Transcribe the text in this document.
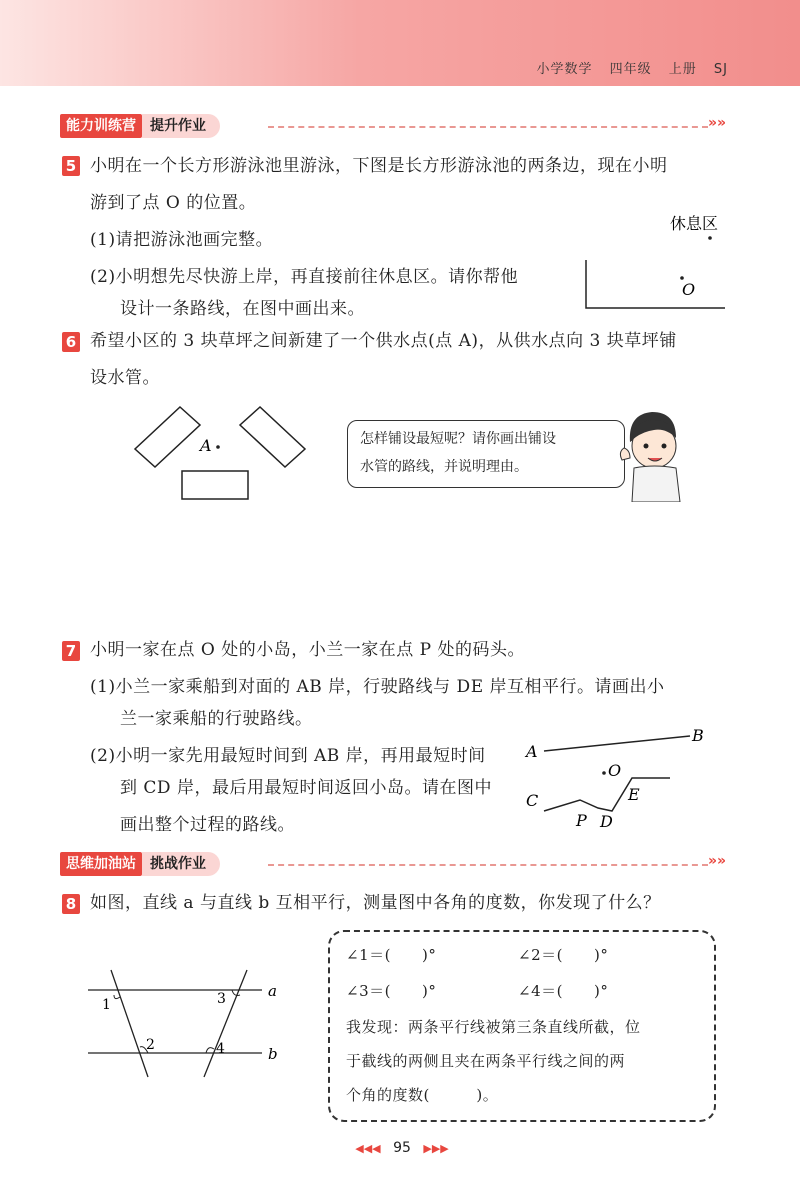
小学数学 四年级 上册 SJ
能力训练营 提升作业	»»
5 小明在一个长方形游泳池里游泳，下图是长方形游泳池的两条边，现在小明
游到了点 O 的位置。
(1)请把游泳池画完整。
(2)小明想先尽快游上岸，再直接前往休息区。请你帮他
设计一条路线，在图中画出来。
休息区
O
6 希望小区的 3 块草坪之间新建了一个供水点(点 A)，从供水点向 3 块草坪铺
设水管。
A	怎样铺设最短呢？请你画出铺设
水管的路线，并说明理由。
7 小明一家在点 O 处的小岛，小兰一家在点 P 处的码头。
(1)小兰一家乘船到对面的 AB 岸，行驶路线与 DE 岸互相平行。请画出小
兰一家乘船的行驶路线。
(2)小明一家先用最短时间到 AB 岸，再用最短时间
到 CD 岸，最后用最短时间返回小岛。请在图中
画出整个过程的路线。
A
B
O
C
P D
E
思维加油站 挑战作业	»»
8 如图，直线 a 与直线 b 互相平行，测量图中各角的度数，你发现了什么？
1
2
3
4
a
b
∠1＝(　　)°	∠2＝(　　)°
∠3＝(　　)°	∠4＝(　　)°
我发现：两条平行线被第三条直线所截，位
于截线的两侧且夹在两条平行线之间的两
个角的度数(　　　)。
◀◀◀ 95 ▶▶▶
